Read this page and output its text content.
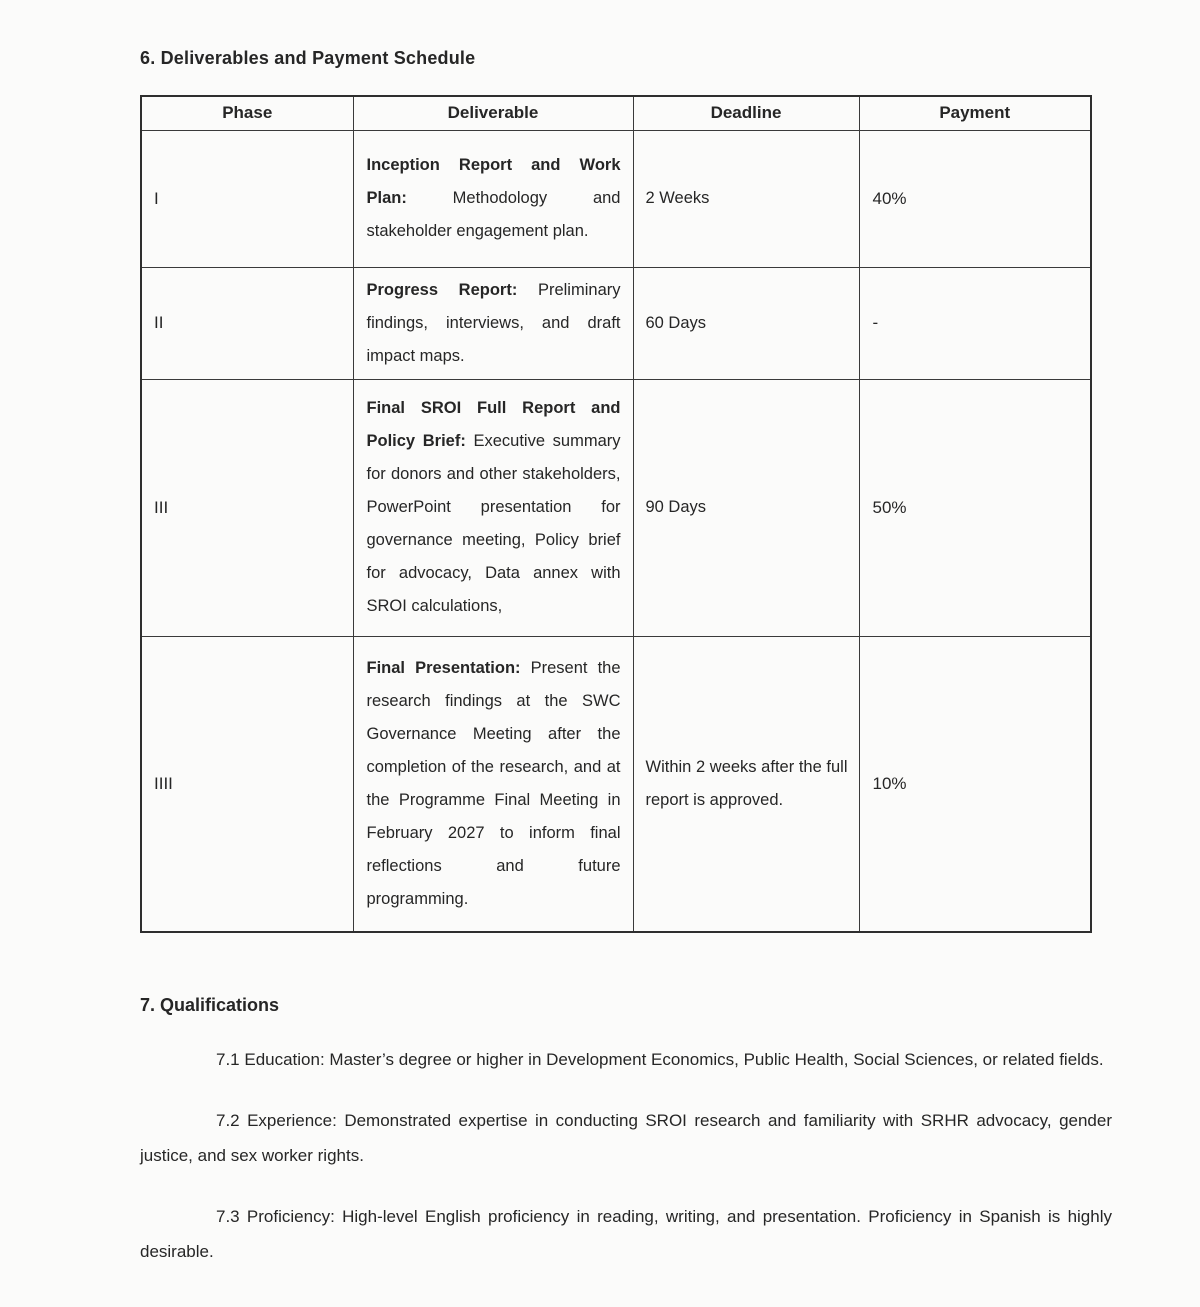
6. Deliverables and Payment Schedule
Phase	Deliverable	Deadline	Payment
I	Inception Report and Work Plan: Methodology and stakeholder engagement plan.	2 Weeks	40%
II	Progress Report: Preliminary findings, interviews, and draft impact maps.	60 Days	-
III	Final SROI Full Report and Policy Brief: Executive summary for donors and other stakeholders, PowerPoint presentation for governance meeting, Policy brief for advocacy, Data annex with SROI calculations,	90 Days	50%
IIII	Final Presentation: Present the research findings at the SWC Governance Meeting after the completion of the research, and at the Programme Final Meeting in February 2027 to inform final reflections and future programming.	Within 2 weeks after the full report is approved.	10%
7. Qualifications

7.1 Education: Master’s degree or higher in Development Economics, Public Health, Social Sciences, or related fields.

7.2 Experience: Demonstrated expertise in conducting SROI research and familiarity with SRHR advocacy, gender justice, and sex worker rights.

7.3 Proficiency: High-level English proficiency in reading, writing, and presentation. Proficiency in Spanish is highly desirable.
